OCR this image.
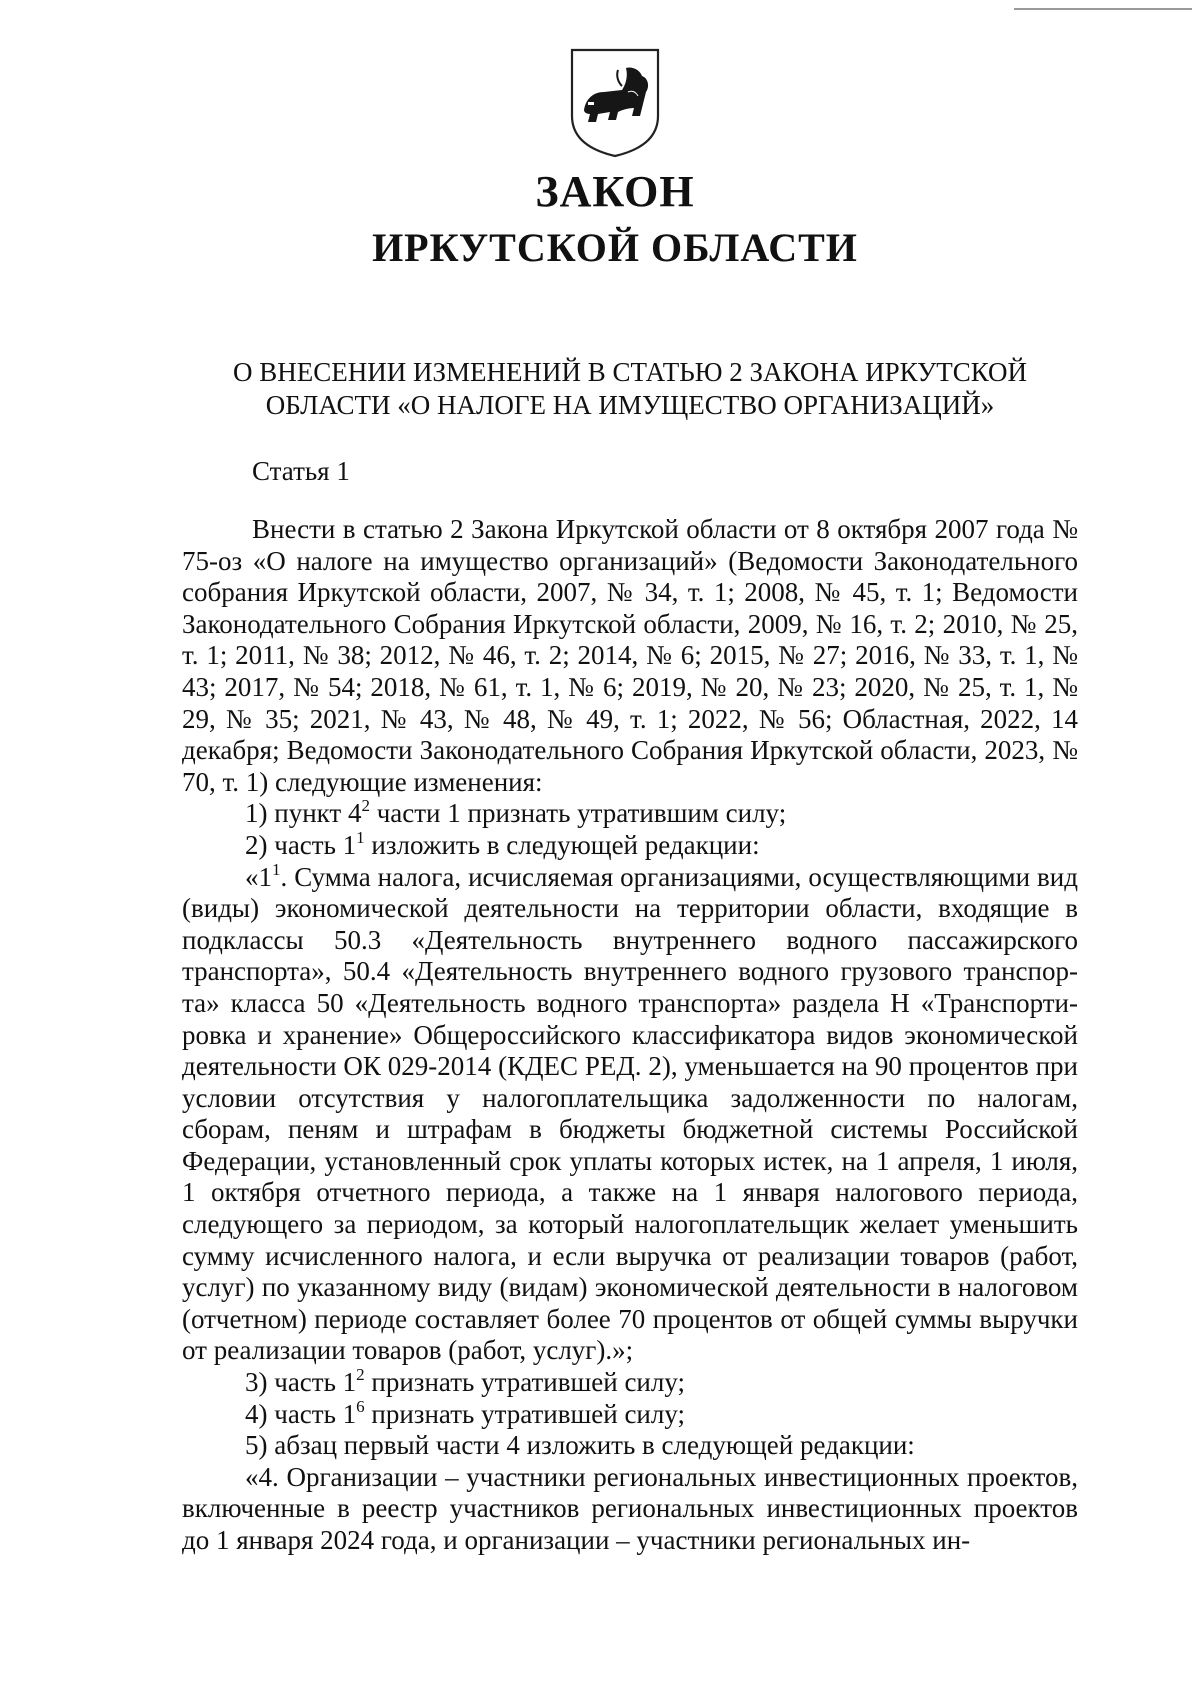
ЗАКОН
ИРКУТСКОЙ ОБЛАСТИ
О ВНЕСЕНИИ ИЗМЕНЕНИЙ В СТАТЬЮ 2 ЗАКОНА ИРКУТСКОЙ
ОБЛАСТИ «О НАЛОГЕ НА ИМУЩЕСТВО ОРГАНИЗАЦИЙ»
Статья 1

Внести в статью 2 Закона Иркутской области от 8 октября 2007 года № 75-оз «О налоге на имущество организаций» (Ведомости Законодательного собрания Иркутской области, 2007, № 34, т. 1; 2008, № 45, т. 1; Ведомости Законодательного Собрания Иркутской области, 2009, № 16, т. 2; 2010, № 25, т. 1; 2011, № 38; 2012, № 46, т. 2; 2014, № 6; 2015, № 27; 2016, № 33, т. 1, № 43; 2017, № 54; 2018, № 61, т. 1, № 6; 2019, № 20, № 23; 2020, № 25, т. 1, № 29, № 35; 2021, № 43, № 48, № 49, т. 1; 2022, № 56; Областная, 2022, 14 декабря; Ведомости Законодательного Собрания Иркутской области, 2023, № 70, т. 1) следующие изменения:

1) пункт $4^2$ части 1 признать утратившим силу;

2) часть $1^1$ изложить в следующей редакции:

«$1^1$. Сумма налога, исчисляемая организациями, осуществляющими вид (виды) экономической деятельности на территории области, входящие в подклассы 50.3 «Деятельность внутреннего водного пассажирского транспорта», 50.4 «Деятельность внутреннего водного грузового транспорта» класса 50 «Деятельность водного транспорта» раздела H «Транспортировка и хранение» Общероссийского классификатора видов экономической деятельности ОК 029-2014 (КДЕС РЕД. 2), уменьшается на 90 процентов при условии отсутствия у налогоплательщика задолженности по налогам, сборам, пеням и штрафам в бюджеты бюджетной системы Российской Федерации, установленный срок уплаты которых истек, на 1 апреля, 1 июля, 1 октября отчетного периода, а также на 1 января налогового периода, следующего за периодом, за который налогоплательщик желает уменьшить сумму исчисленного налога, и если выручка от реализации товаров (работ, услуг) по указанному виду (видам) экономической деятельности в налоговом (отчетном) периоде составляет более 70 процентов от общей суммы выручки от реализации товаров (работ, услуг).»;

3) часть $1^2$ признать утратившей силу;

4) часть $1^6$ признать утратившей силу;

5) абзац первый части 4 изложить в следующей редакции:

«4. Организации – участники региональных инвестиционных проектов, включенные в реестр участников региональных инвестиционных проектов до 1 января 2024 года, и организации – участники региональных ин-
